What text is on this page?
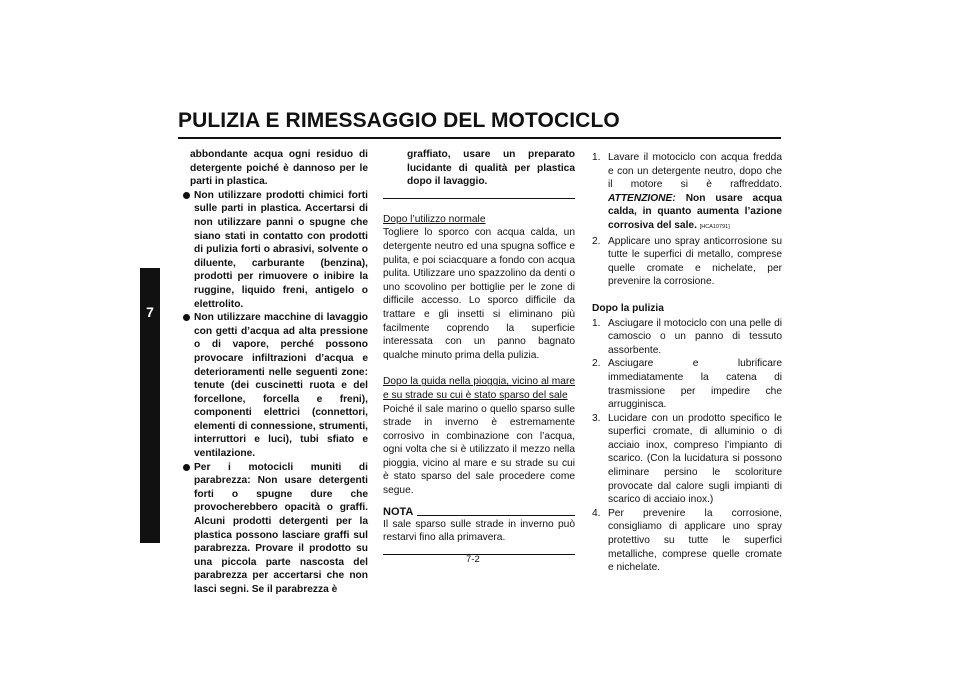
PULIZIA E RIMESSAGGIO DEL MOTOCICLO
7

abbondante acqua ogni residuo di detergente poiché è dannoso per le parti in plastica.

Non utilizzare prodotti chimici forti sulle parti in plastica. Accertarsi di non utilizzare panni o spugne che siano stati in contatto con prodotti di pulizia forti o abrasivi, solvente o diluente, carburante (benzina), prodotti per rimuovere o inibire la ruggine, liquido freni, antigelo o elettrolito.

Non utilizzare macchine di lavaggio con getti d’acqua ad alta pressione o di vapore, perché possono provocare infiltrazioni d’acqua e deterioramenti nelle seguenti zone: tenute (dei cuscinetti ruota e del forcellone, forcella e freni), componenti elettrici (connettori, elementi di connessione, strumenti, interruttori e luci), tubi sfiato e ventilazione.

Per i motocicli muniti di parabrezza: Non usare detergenti forti o spugne dure che provocherebbero opacità o graffi. Alcuni prodotti detergenti per la plastica possono lasciare graffi sul parabrezza. Provare il prodotto su una piccola parte nascosta del parabrezza per accertarsi che non lasci segni. Se il parabrezza è

graffiato, usare un preparato lucidante di qualità per plastica dopo il lavaggio.

Dopo l’utilizzo normale

Togliere lo sporco con acqua calda, un detergente neutro ed una spugna soffice e pulita, e poi sciacquare a fondo con acqua pulita. Utilizzare uno spazzolino da denti o uno scovolino per bottiglie per le zone di difficile accesso. Lo sporco difficile da trattare e gli insetti si eliminano più facilmente coprendo la superficie interessata con un panno bagnato qualche minuto prima della pulizia.

Dopo la guida nella pioggia, vicino al mare e su strade su cui è stato sparso del sale

Poiché il sale marino o quello sparso sulle strade in inverno è estremamente corrosivo in combinazione con l’acqua, ogni volta che si è utilizzato il mezzo nella pioggia, vicino al mare e su strade su cui è stato sparso del sale procedere come segue.

NOTA

Il sale sparso sulle strade in inverno può restarvi fino alla primavera.

1. Lavare il motociclo con acqua fredda e con un detergente neutro, dopo che il motore si è raffreddato. ATTENZIONE: Non usare acqua calda, in quanto aumenta l’azione corrosiva del sale. [HCA10791]
2. Applicare uno spray anticorrosione su tutte le superfici di metallo, comprese quelle cromate e nichelate, per prevenire la corrosione.

Dopo la pulizia

1. Asciugare il motociclo con una pelle di camoscio o un panno di tessuto assorbente.
2. Asciugare e lubrificare immediatamente la catena di trasmissione per impedire che arrugginisca.
3. Lucidare con un prodotto specifico le superfici cromate, di alluminio o di acciaio inox, compreso l’impianto di scarico. (Con la lucidatura si possono eliminare persino le scoloriture provocate dal calore sugli impianti di scarico di acciaio inox.)
4. Per prevenire la corrosione, consigliamo di applicare uno spray protettivo su tutte le superfici metalliche, comprese quelle cromate e nichelate.
7-2
